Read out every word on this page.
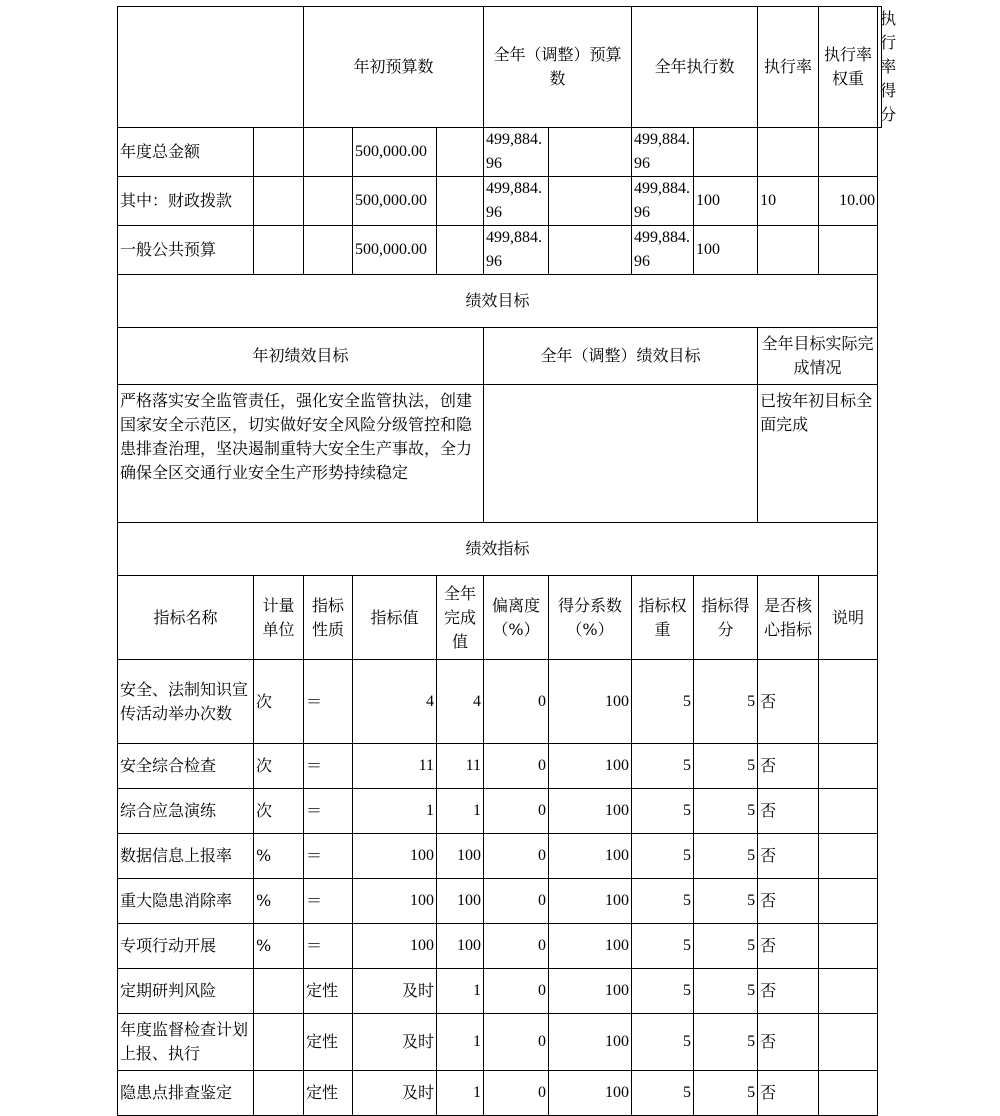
		年初预算数			全年（调整）预算数		全年执行数		执行率	执行率权重	执行率得分
年度总金额			500,000.00		499,884.96		499,884.96				
其中：财政拨款			500,000.00		499,884.96		499,884.96	100	10	10.00	
一般公共预算			500,000.00		499,884.96		499,884.96	100			
绩效目标											
年初绩效目标					全年（调整）绩效目标				全年目标实际完成情况		
严格落实安全监管责任，强化安全监管执法，创建国家安全示范区，切实做好安全风险分级管控和隐患排查治理，坚决遏制重特大安全生产事故，全力确保全区交通行业安全生产形势持续稳定									已按年初目标全面完成		
绩效指标											
指标名称	计量单位	指标性质	指标值	全年完成值	偏离度（%）	得分系数（%）	指标权重	指标得分	是否核心指标	说明	
安全、法制知识宣传活动举办次数	次	＝	4	4	0	100	5	5	否		
安全综合检查	次	＝	11	11	0	100	5	5	否		
综合应急演练	次	＝	1	1	0	100	5	5	否		
数据信息上报率	%	＝	100	100	0	100	5	5	否		
重大隐患消除率	%	＝	100	100	0	100	5	5	否		
专项行动开展	%	＝	100	100	0	100	5	5	否		
定期研判风险		定性	及时	1	0	100	5	5	否		
年度监督检查计划上报、执行		定性	及时	1	0	100	5	5	否		
隐患点排查鉴定		定性	及时	1	0	100	5	5	否		
